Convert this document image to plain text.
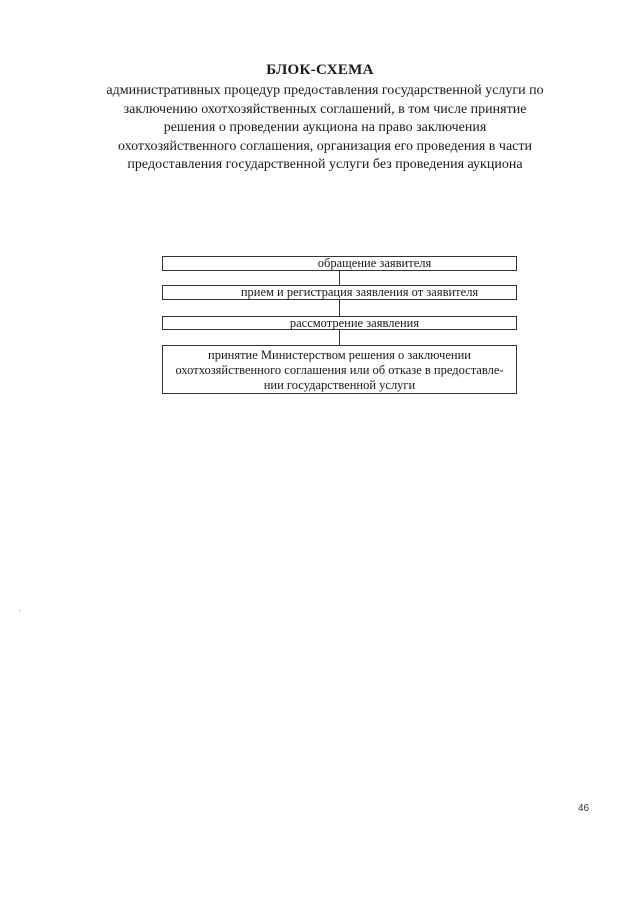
БЛОК-СХЕМА
административных процедур предоставления государственной услуги по
заключению охотхозяйственных соглашений, в том числе принятие
решения о проведении аукциона на право заключения
охотхозяйственного соглашения, организация его проведения в части
предоставления государственной услуги без проведения аукциона
обращение заявителя
прием и регистрация заявления от заявителя
рассмотрение заявления
принятие Министерством решения о заключении
охотхозяйственного соглашения или об отказе в предоставле-
нии государственной услуги
46
